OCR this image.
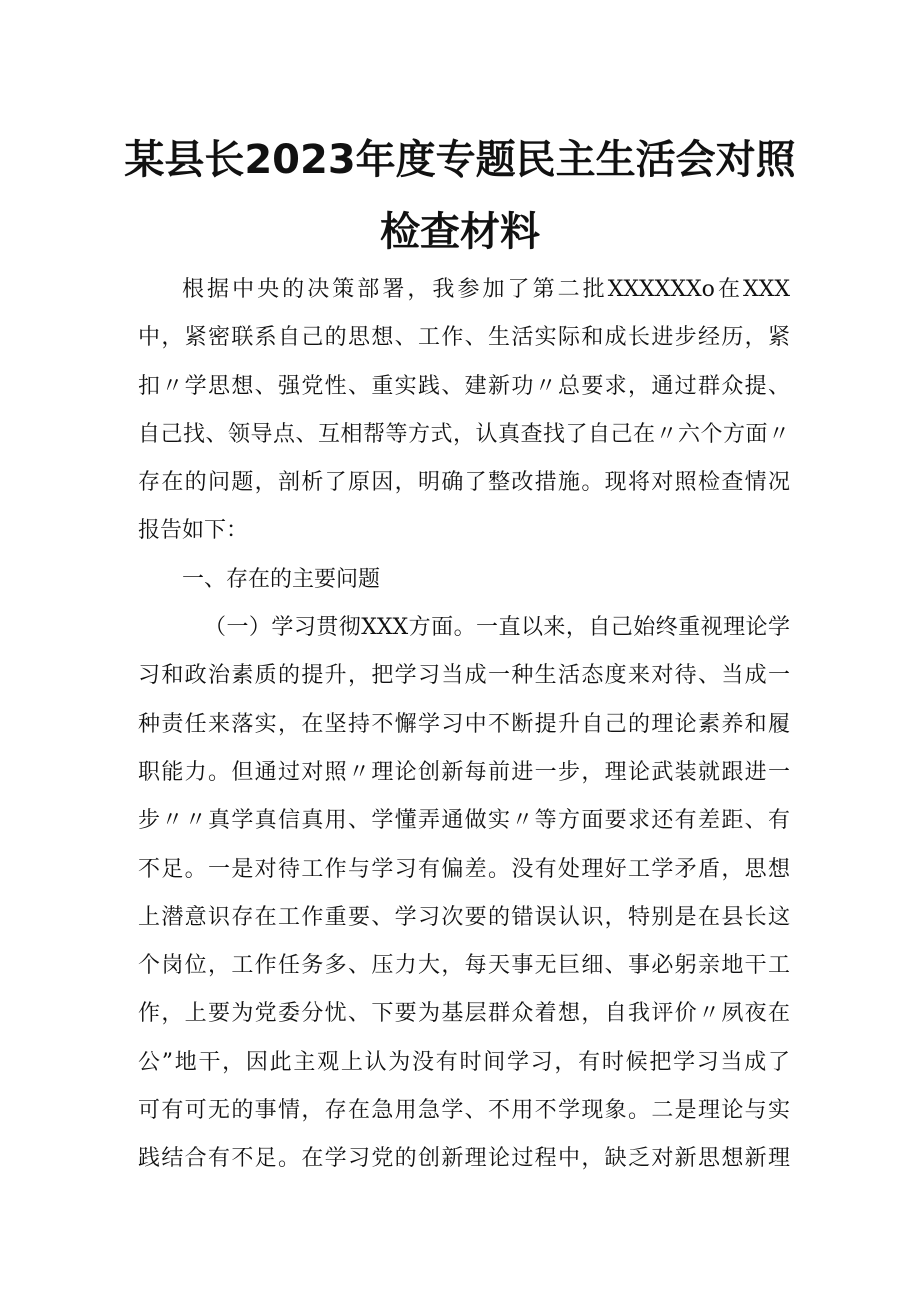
某县长2023年度专题民主生活会对照
检查材料
根据中央的决策部署，我参加了第二批XXXXXXo在XXX
中，紧密联系自己的思想、工作、生活实际和成长进步经历，紧
扣〃学思想、强党性、重实践、建新功〃总要求，通过群众提、
自己找、领导点、互相帮等方式，认真查找了自己在〃六个方面〃
存在的问题，剖析了原因，明确了整改措施。现将对照检查情况
报告如下：
一、存在的主要问题
（一）学习贯彻XXX方面。一直以来，自己始终重视理论学
习和政治素质的提升，把学习当成一种生活态度来对待、当成一
种责任来落实，在坚持不懈学习中不断提升自己的理论素养和履
职能力。但通过对照〃理论创新每前进一步，理论武装就跟进一
步〃〃真学真信真用、学懂弄通做实〃等方面要求还有差距、有
不足。一是对待工作与学习有偏差。没有处理好工学矛盾，思想
上潜意识存在工作重要、学习次要的错误认识，特别是在县长这
个岗位，工作任务多、压力大，每天事无巨细、事必躬亲地干工
作，上要为党委分忧、下要为基层群众着想，自我评价〃夙夜在
公”地干，因此主观上认为没有时间学习，有时候把学习当成了
可有可无的事情，存在急用急学、不用不学现象。二是理论与实
践结合有不足。在学习党的创新理论过程中，缺乏对新思想新理
